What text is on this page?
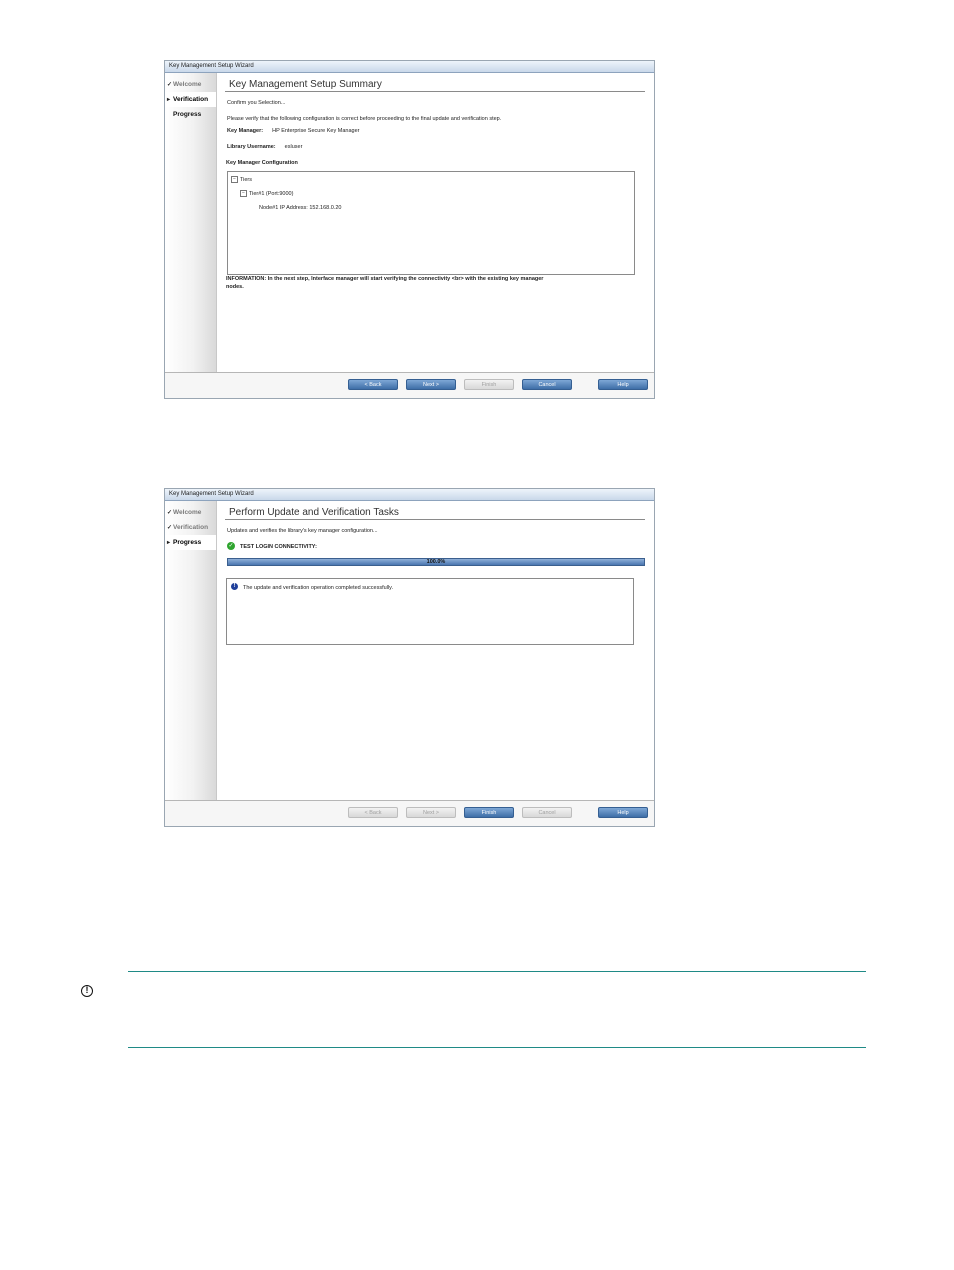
Key Management Setup Wizard
✓Welcome
▸ Verification
Progress
Key Management Setup Summary
Confirm you Selection...
Please verify that the following configuration is correct before proceeding to the final update and verification step.
Key Manager: HP Enterprise Secure Key Manager
Library Username: esluser
Key Manager Configuration
− Tiers
− Tier#1 (Port:9000)
Node#1 IP Address: 152.168.0.20
INFORMATION: In the next step, Interface manager will start verifying the connectivity <br> with the existing key manager
nodes.
< Back	Next >	Finish	Cancel	Help
Key Management Setup Wizard
✓Welcome
✓Verification
▸ Progress
Perform Update and Verification Tasks
Updates and verifies the library's key manager configuration...
✓ TEST LOGIN CONNECTIVITY:
100.0%
!	The update and verification operation completed successfully.
< Back	Next >	Finish	Cancel	Help
!
